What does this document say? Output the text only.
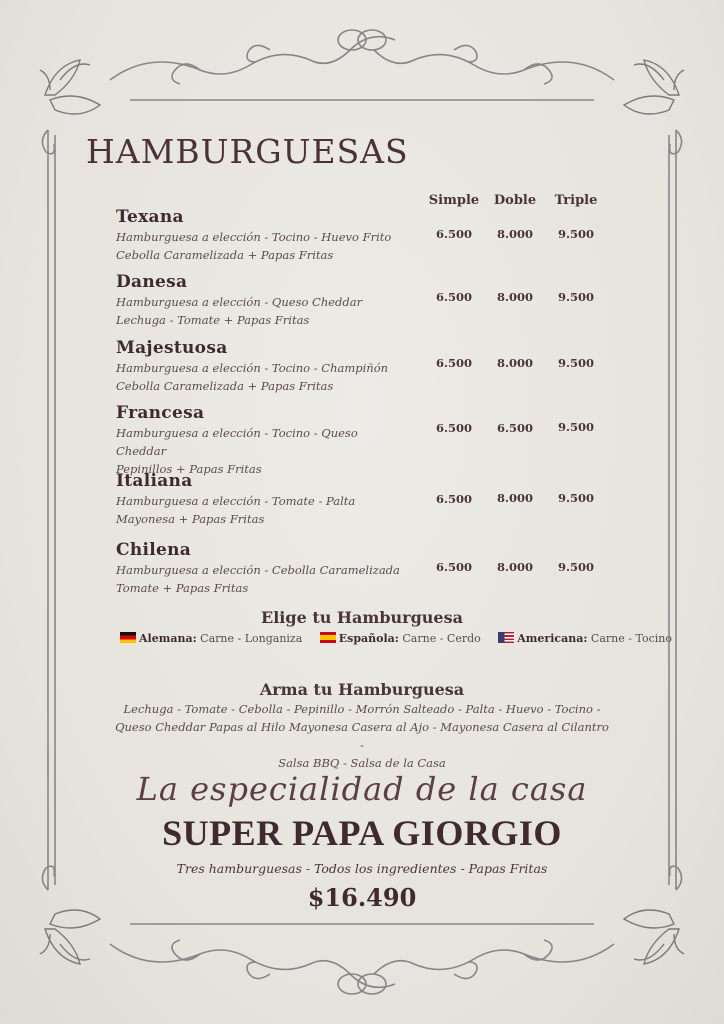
HAMBURGUESAS
Simple	Doble	Triple
Texana
Hamburguesa a elección - Tocino - Huevo Frito
Cebolla Caramelizada + Papas Fritas
6.500	8.000	9.500
Danesa
Hamburguesa a elección - Queso Cheddar
Lechuga - Tomate + Papas Fritas
6.500	8.000	9.500
Majestuosa
Hamburguesa a elección - Tocino - Champiñón
Cebolla Caramelizada + Papas Fritas
6.500	8.000	9.500
Francesa
Hamburguesa a elección - Tocino - Queso Cheddar
Pepinillos + Papas Fritas
6.500	6.500	9.500
Italiana
Hamburguesa a elección - Tomate - Palta
Mayonesa + Papas Fritas
6.500	8.000	9.500
Chilena
Hamburguesa a elección - Cebolla Caramelizada
Tomate + Papas Fritas
6.500	8.000	9.500
Elige tu Hamburguesa
Alemana: Carne - Longaniza	Española: Carne - Cerdo	Americana: Carne - Tocino
Arma tu Hamburguesa
Lechuga - Tomate - Cebolla - Pepinillo - Morrón Salteado - Palta - Huevo - Tocino -
Queso Cheddar Papas al Hilo Mayonesa Casera al Ajo - Mayonesa Casera al Cilantro -
Salsa BBQ - Salsa de la Casa
La especialidad de la casa
SUPER PAPA GIORGIO
Tres hamburguesas - Todos los ingredientes - Papas Fritas
$16.490
